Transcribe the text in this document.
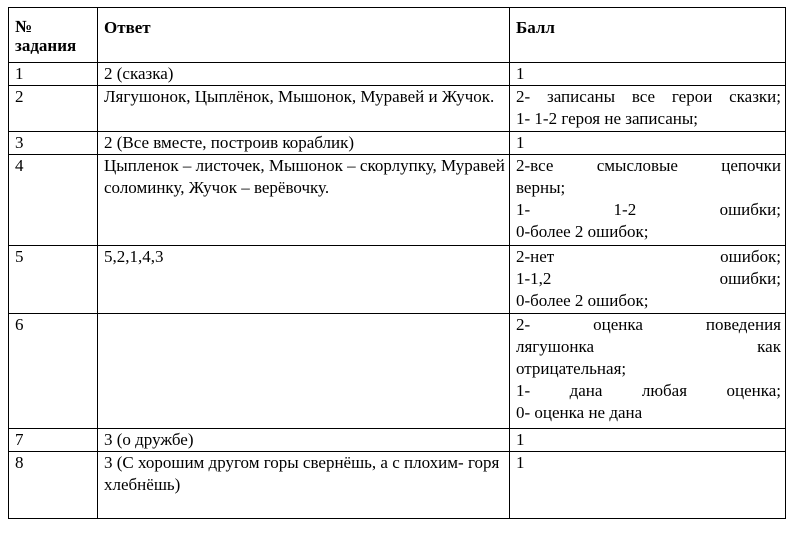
№
задания	Ответ	Балл
1	2 (сказка)	1

2	Лягушонок, Цыплёнок, Мышонок, Муравей и Жучок.	2- записаны все герои сказки;
1- 1-2 героя не записаны;

3	2 (Все вместе, построив кораблик)	1

4	Цыпленок – листочек, Мышонок – скорлупку, Муравей соломинку, Жучок – верёвочку.	2-все смысловые цепочки
верны;
1- 1-2 ошибки;
0-более 2 ошибок;

5	5,2,1,4,3	2-нет ошибок;
1-1,2 ошибки;
0-более 2 ошибок;

6		2- оценка поведения
лягушонка как
отрицательная;
1- дана любая оценка;
0- оценка не дана

7	3 (о дружбе)	1

8	3 (С хорошим другом горы свернёшь, а с плохим- горя хлебнёшь)	1
